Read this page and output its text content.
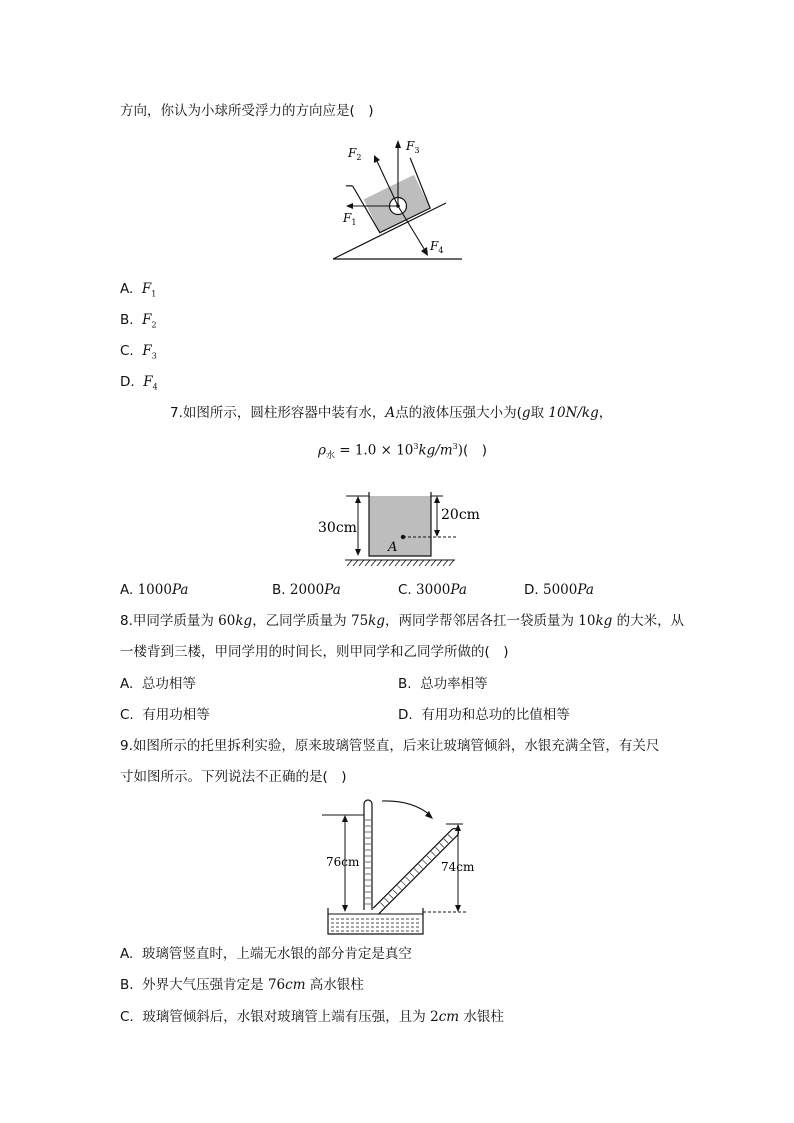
方向，你认为小球所受浮力的方向应是(　)
$F_1$
$F_2$
$F_3$
$F_4$
A. $F_1$
B. $F_2$
C. $F_3$
D. $F_4$
7.如图所示，圆柱形容器中装有水，A点的液体压强大小为(g取 10N/kg，
$\rho_水 = 1.0 \times 10^3kg/m^3$)(　)
30cm
20cm
A
A. 1000Pa	B. 2000Pa	C. 3000Pa	D. 5000Pa
8.甲同学质量为 60kg，乙同学质量为 75kg，两同学帮邻居各扛一袋质量为 10kg 的大米，从
一楼背到三楼，甲同学用的时间长，则甲同学和乙同学所做的(　)
A. 总功相等	B. 总功率相等
C. 有用功相等	D. 有用功和总功的比值相等
9.如图所示的托里拆利实验，原来玻璃管竖直，后来让玻璃管倾斜，水银充满全管，有关尺
寸如图所示。下列说法不正确的是(　)
76cm	74cm
A. 玻璃管竖直时，上端无水银的部分肯定是真空
B. 外界大气压强肯定是 76cm 高水银柱
C. 玻璃管倾斜后，水银对玻璃管上端有压强，且为 2cm 水银柱
